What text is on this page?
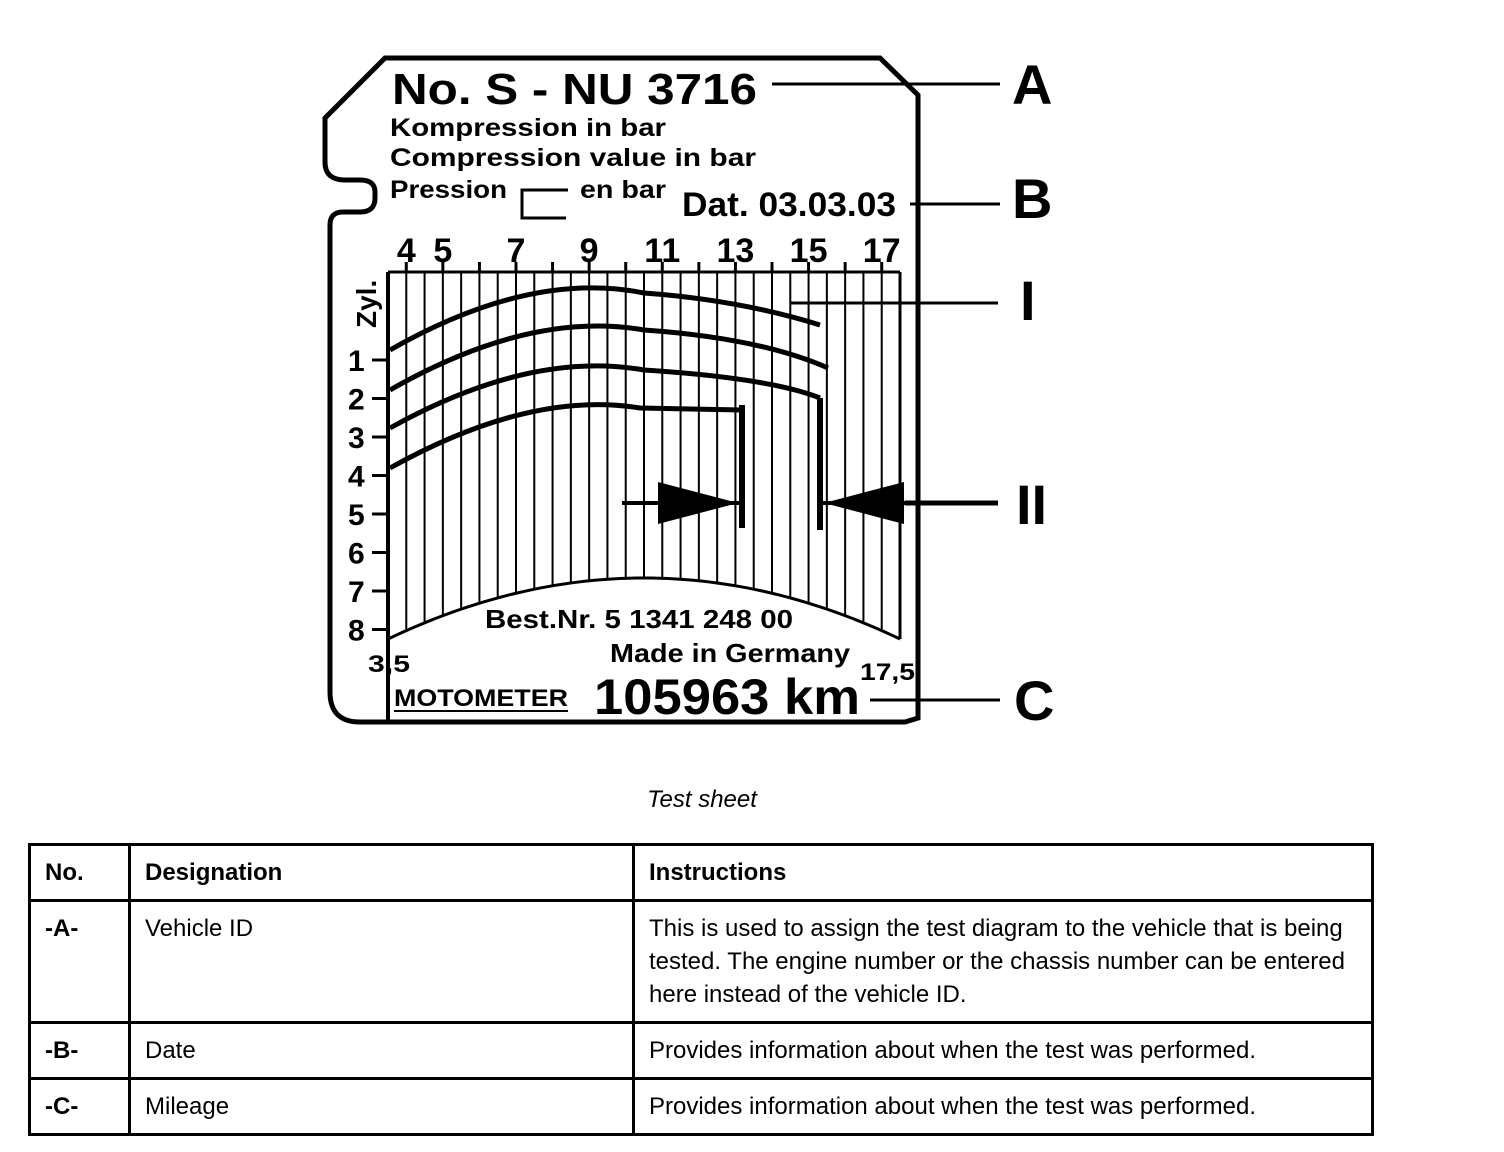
No. S - NU 3716
Kompression in bar
Compression value in bar
Pression	en bar Dat. 03.03.03
4 5 7 9 11 13 15 17
Zyl.
1
2
3
4
5
6
7
8
3,5	17,5
Best.Nr. 5 1341 248 00
Made in Germany
MOTOMETER 105963 km
A
B
I
II
C
Test sheet
No.	Designation	Instructions
-A-	Vehicle ID	This is used to assign the test diagram to the vehicle that is being tested. The engine number or the chassis number can be entered here instead of the vehicle ID.
-B-	Date	Provides information about when the test was performed.
-C-	Mileage	Provides information about when the test was performed.
